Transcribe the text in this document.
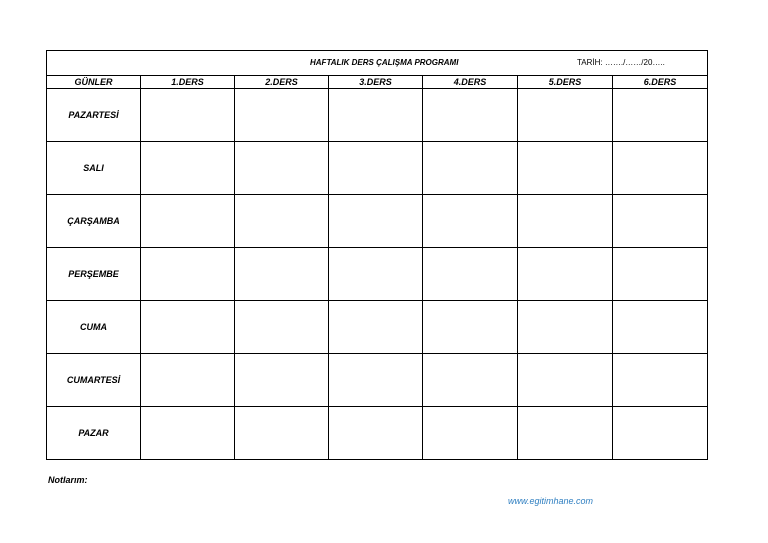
HAFTALIK DERS ÇALIŞMA PROGRAMI TARİH: ……./……/20…..						

GÜNLER	1.DERS	2.DERS	3.DERS	4.DERS	5.DERS	6.DERS
PAZARTESİ						
SALI						
ÇARŞAMBA						
PERŞEMBE						
CUMA						
CUMARTESİ						
PAZAR						
Notlarım:
www.egitimhane.com
